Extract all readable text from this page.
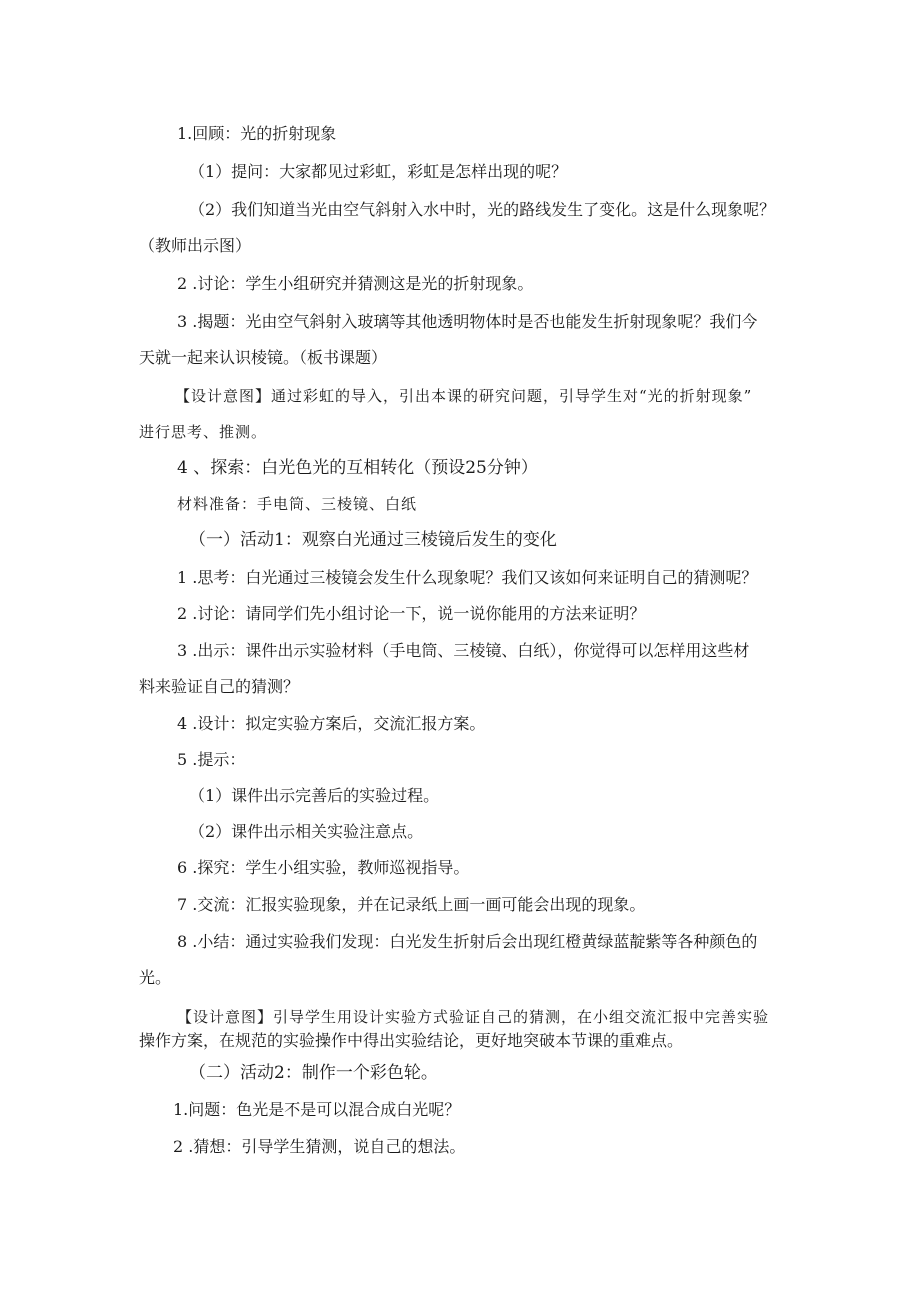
1.回顾：光的折射现象
（1）提问：大家都见过彩虹，彩虹是怎样出现的呢？
（2）我们知道当光由空气斜射入水中时，光的路线发生了变化。这是什么现象呢？
（教师出示图）
2 .讨论：学生小组研究并猜测这是光的折射现象。
3 .揭题：光由空气斜射入玻璃等其他透明物体时是否也能发生折射现象呢？我们今
天就一起来认识棱镜。（板书课题）
【设计意图】通过彩虹的导入，引出本课的研究问题，引导学生对“光的折射现象”
进行思考、推测。
4 、探索：白光色光的互相转化（预设25分钟）
材料准备：手电筒、三棱镜、白纸
（一）活动1：观察白光通过三棱镜后发生的变化
1 .思考：白光通过三棱镜会发生什么现象呢？我们又该如何来证明自己的猜测呢？
2 .讨论：请同学们先小组讨论一下，说一说你能用的方法来证明？
3 .出示：课件出示实验材料（手电筒、三棱镜、白纸），你觉得可以怎样用这些材
料来验证自己的猜测？
4 .设计：拟定实验方案后，交流汇报方案。
5 .提示：
（1）课件出示完善后的实验过程。
（2）课件出示相关实验注意点。
6 .探究：学生小组实验，教师巡视指导。
7 .交流：汇报实验现象，并在记录纸上画一画可能会出现的现象。
8 .小结：通过实验我们发现：白光发生折射后会出现红橙黄绿蓝靛紫等各种颜色的
光。
【设计意图】引导学生用设计实验方式验证自己的猜测，在小组交流汇报中完善实验
操作方案，在规范的实验操作中得出实验结论，更好地突破本节课的重难点。
（二）活动2：制作一个彩色轮。
1.问题：色光是不是可以混合成白光呢？
2 .猜想：引导学生猜测，说自己的想法。
